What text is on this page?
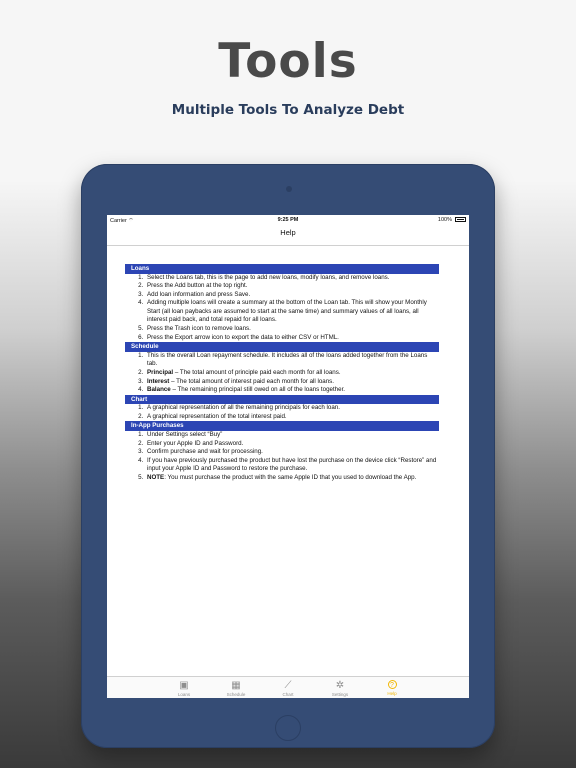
Tools

Multiple Tools To Analyze Debt

Carrier ⌔	9:25 PM	100%
Help
Loans
1. Select the Loans tab, this is the page to add new loans, modify loans, and remove loans.
2. Press the Add button at the top right.
3. Add loan information and press Save.
4. Adding multiple loans will create a summary at the bottom of the Loan tab. This will show your Monthly Start (all loan paybacks are assumed to start at the same time) and summary values of all loans, all interest paid back, and total repaid for all loans.
5. Press the Trash icon to remove loans.
6. Press the Export arrow icon to export the data to either CSV or HTML.
Schedule
1. This is the overall Loan repayment schedule. It includes all of the loans added together from the Loans tab.
2. Principal – The total amount of principle paid each month for all loans.
3. Interest – The total amount of interest paid each month for all loans.
4. Balance – The remaining principal still owed on all of the loans together.
Chart
1. A graphical representation of all the remaining principals for each loan.
2. A graphical representation of the total interest paid.
In-App Purchases
1. Under Settings select “Buy”
2. Enter your Apple ID and Password.
3. Confirm purchase and wait for processing.
4. If you have previously purchased the product but have lost the purchase on the device click “Restore” and input your Apple ID and Password to restore the purchase.
5. NOTE: You must purchase the product with the same Apple ID that you used to download the App.
▣
Loans
▦
Schedule
⟋
Chart
✲
Settings
?
Help
